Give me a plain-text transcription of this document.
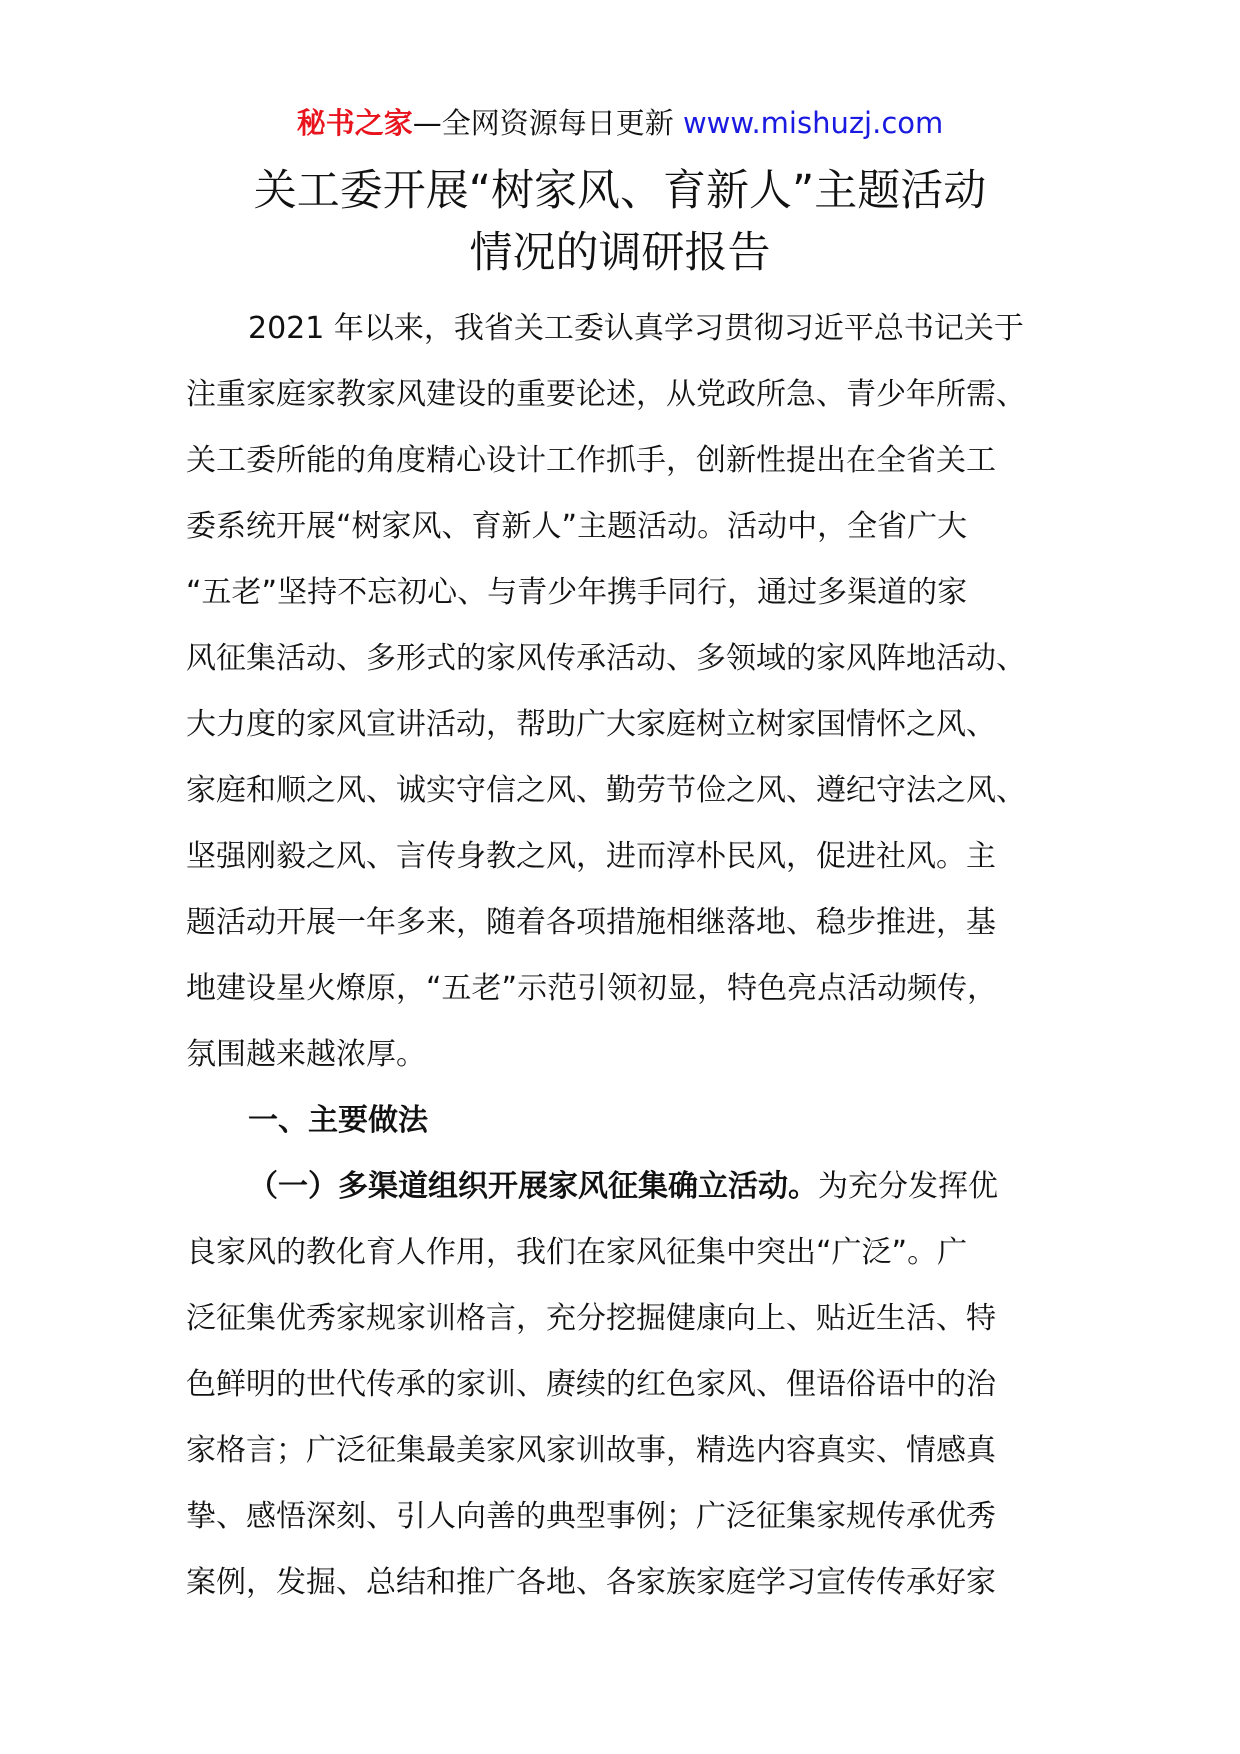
秘书之家—全网资源每日更新 www.mishuzj.com
关工委开展“树家风、育新人”主题活动
情况的调研报告
2021 年以来，我省关工委认真学习贯彻习近平总书记关于
注重家庭家教家风建设的重要论述，从党政所急、青少年所需、
关工委所能的角度精心设计工作抓手，创新性提出在全省关工
委系统开展“树家风、育新人”主题活动。活动中，全省广大
“五老”坚持不忘初心、与青少年携手同行，通过多渠道的家
风征集活动、多形式的家风传承活动、多领域的家风阵地活动、
大力度的家风宣讲活动，帮助广大家庭树立树家国情怀之风、
家庭和顺之风、诚实守信之风、勤劳节俭之风、遵纪守法之风、
坚强刚毅之风、言传身教之风，进而淳朴民风，促进社风。主
题活动开展一年多来，随着各项措施相继落地、稳步推进，基
地建设星火燎原，“五老”示范引领初显，特色亮点活动频传，
氛围越来越浓厚。
一、主要做法
（一）多渠道组织开展家风征集确立活动。为充分发挥优
良家风的教化育人作用，我们在家风征集中突出“广泛”。广
泛征集优秀家规家训格言，充分挖掘健康向上、贴近生活、特
色鲜明的世代传承的家训、赓续的红色家风、俚语俗语中的治
家格言；广泛征集最美家风家训故事，精选内容真实、情感真
挚、感悟深刻、引人向善的典型事例；广泛征集家规传承优秀
案例，发掘、总结和推广各地、各家族家庭学习宣传传承好家
